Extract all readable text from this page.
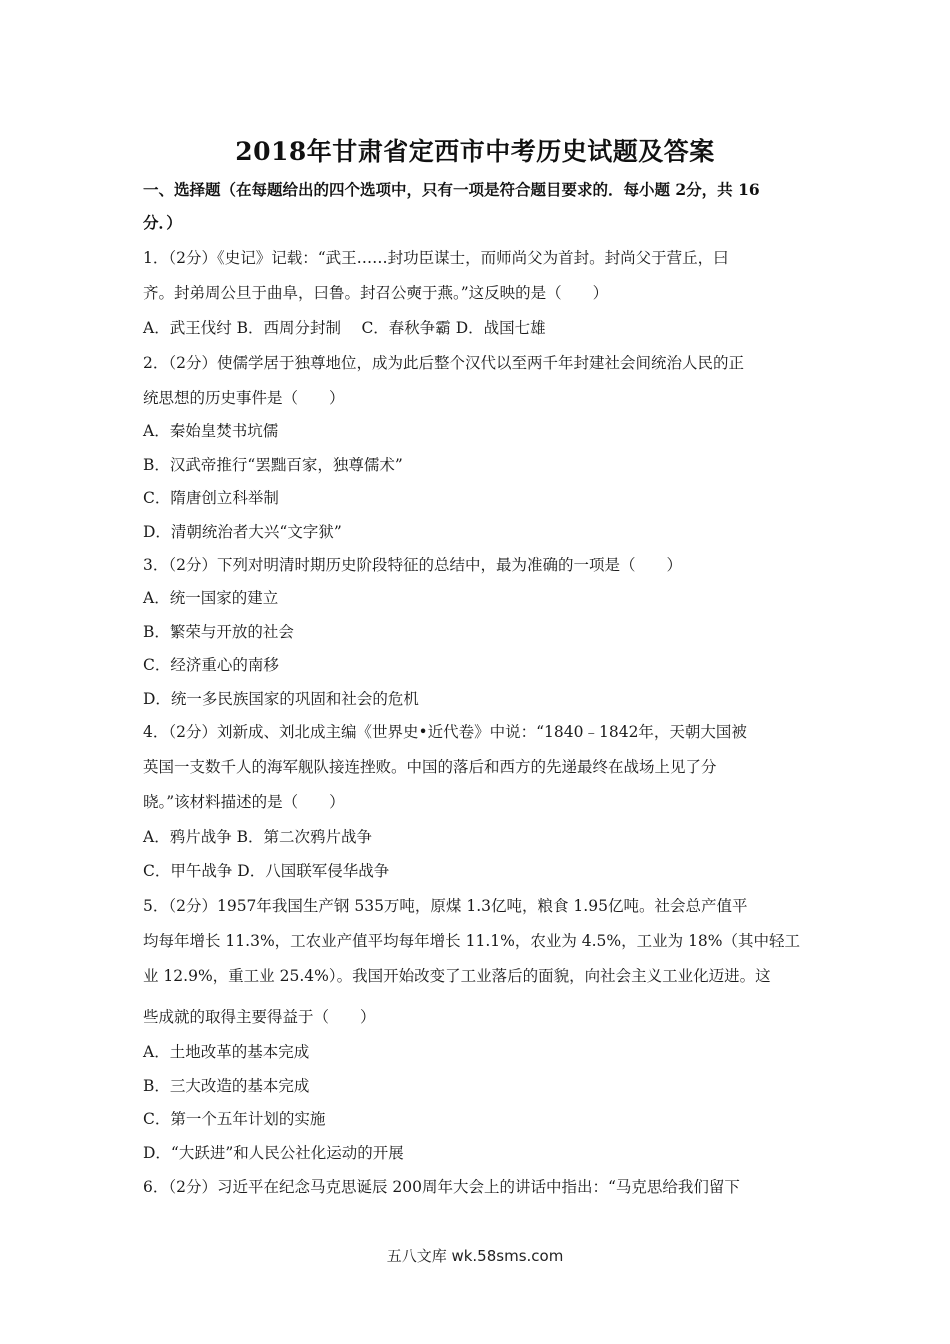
2018年甘肃省定西市中考历史试题及答案
一、选择题（在每题给出的四个选项中，只有一项是符合题目要求的．每小题 2分，共 16
分．）
1．（2分）《史记》记载：“武王……封功臣谋士，而师尚父为首封。封尚父于营丘，曰
齐。封弟周公旦于曲阜，曰鲁。封召公奭于燕。”这反映的是（　　）
A．武王伐纣 B．西周分封制　 C．春秋争霸 D．战国七雄
2．（2分）使儒学居于独尊地位，成为此后整个汉代以至两千年封建社会间统治人民的正
统思想的历史事件是（　　）
A．秦始皇焚书坑儒
B．汉武帝推行“罢黜百家，独尊儒术”
C．隋唐创立科举制
D．清朝统治者大兴“文字狱”
3．（2分）下列对明清时期历史阶段特征的总结中，最为准确的一项是（　　）
A．统一国家的建立
B．繁荣与开放的社会
C．经济重心的南移
D．统一多民族国家的巩固和社会的危机
4．（2分）刘新成、刘北成主编《世界史•近代卷》中说：“1840﹣1842年，天朝大国被
英国一支数千人的海军舰队接连挫败。中国的落后和西方的先递最终在战场上见了分
晓。”该材料描述的是（　　）
A．鸦片战争 B．第二次鸦片战争
C．甲午战争 D．八国联军侵华战争
5．（2分）1957年我国生产钢 535万吨，原煤 1.3亿吨，粮食 1.95亿吨。社会总产值平
均每年增长 11.3%，工农业产值平均每年增长 11.1%，农业为 4.5%，工业为 18%（其中轻工
业 12.9%，重工业 25.4%）。我国开始改变了工业落后的面貌，向社会主义工业化迈进。这
些成就的取得主要得益于（　　）
A．土地改革的基本完成
B．三大改造的基本完成
C．第一个五年计划的实施
D．“大跃进”和人民公社化运动的开展
6．（2分）习近平在纪念马克思诞辰 200周年大会上的讲话中指出：“马克思给我们留下
五八文库 wk.58sms.com
